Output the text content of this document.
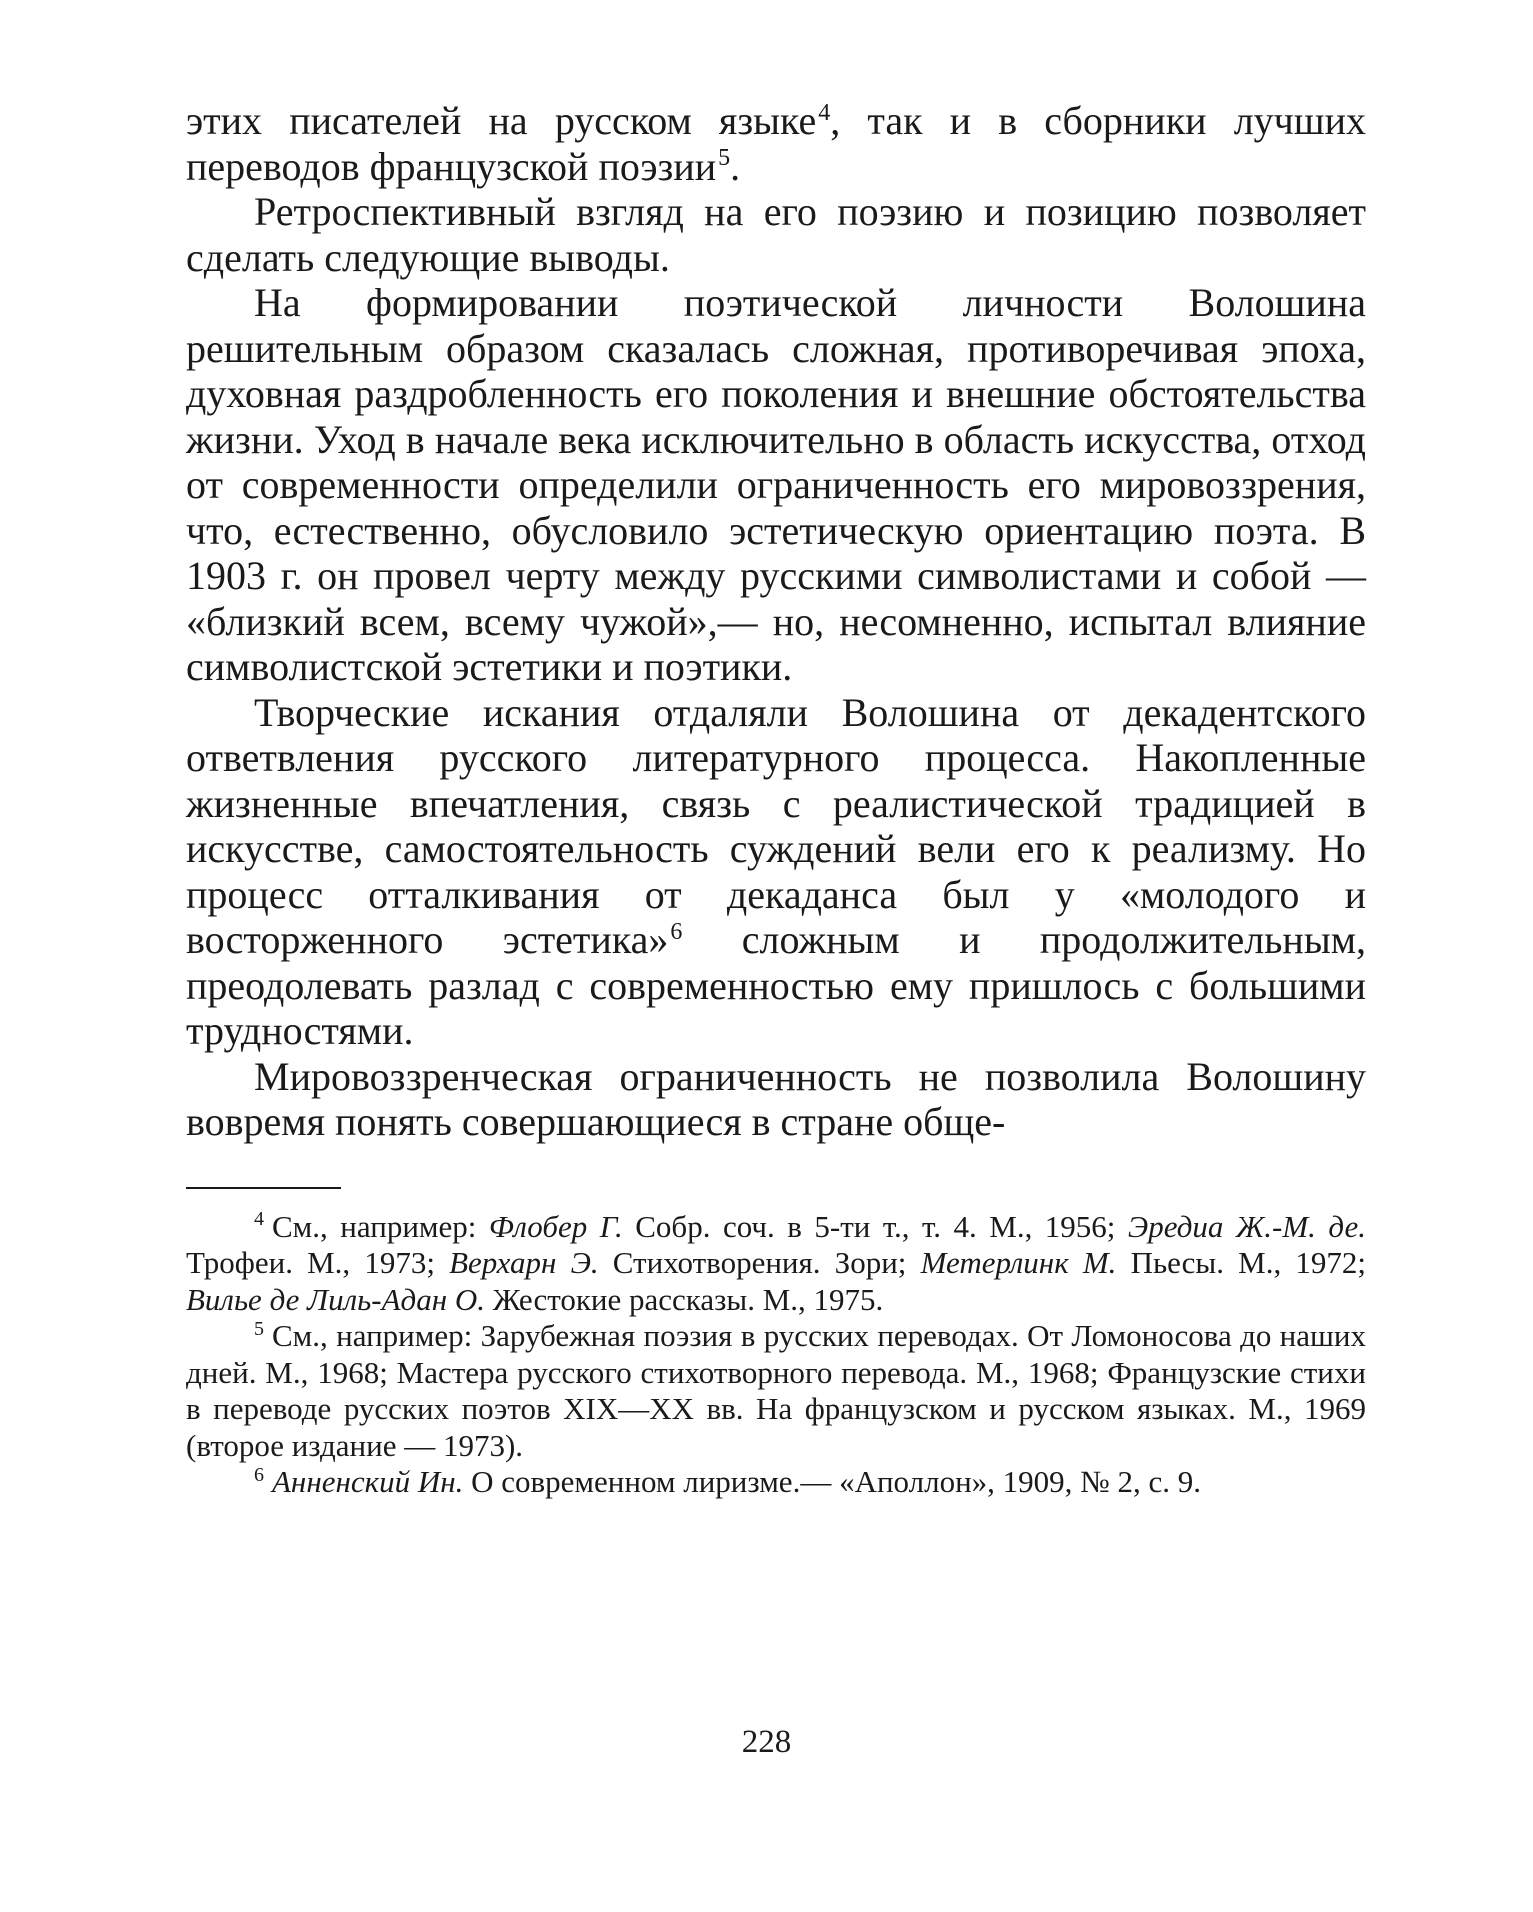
этих писателей на русском языке$^4$, так и в сборники лучших переводов французской поэзии$^5$.

Ретроспективный взгляд на его поэзию и позицию позволяет сделать следующие выводы.

На формировании поэтической личности Волошина решительным образом сказалась сложная, противоречивая эпоха, духовная раздробленность его поколения и внешние обстоятельства жизни. Уход в начале века исключительно в область искусства, отход от современности определили ограниченность его мировоззрения, что, естественно, обусловило эстетическую ориентацию поэта. В 1903 г. он провел черту между русскими символистами и собой — «близкий всем, всему чужой»,— но, несомненно, испытал влияние символистской эстетики и поэтики.

Творческие искания отдаляли Волошина от декадентского ответвления русского литературного процесса. Накопленные жизненные впечатления, связь с реалистической традицией в искусстве, самостоятельность суждений вели его к реализму. Но процесс отталкивания от декаданса был у «молодого и восторженного эстетика»$^6$ сложным и продолжительным, преодолевать разлад с современностью ему пришлось с большими трудностями.

Мировоззренческая ограниченность не позволила Волошину вовремя понять совершающиеся в стране обще-

$^4$ См., например: Флобер Г. Собр. соч. в 5-ти т., т. 4. М., 1956; Эредиа Ж.-М. де. Трофеи. М., 1973; Верхарн Э. Стихотворения. Зори; Метерлинк М. Пьесы. М., 1972; Вилье де Лиль-Адан О. Жестокие рассказы. М., 1975.

$^5$ См., например: Зарубежная поэзия в русских переводах. От Ломоносова до наших дней. М., 1968; Мастера русского стихотворного перевода. М., 1968; Французские стихи в переводе русских поэтов XIX—XX вв. На французском и русском языках. М., 1969 (второе издание — 1973).

$^6$ Анненский Ин. О современном лиризме.— «Аполлон», 1909, № 2, с. 9.

228
